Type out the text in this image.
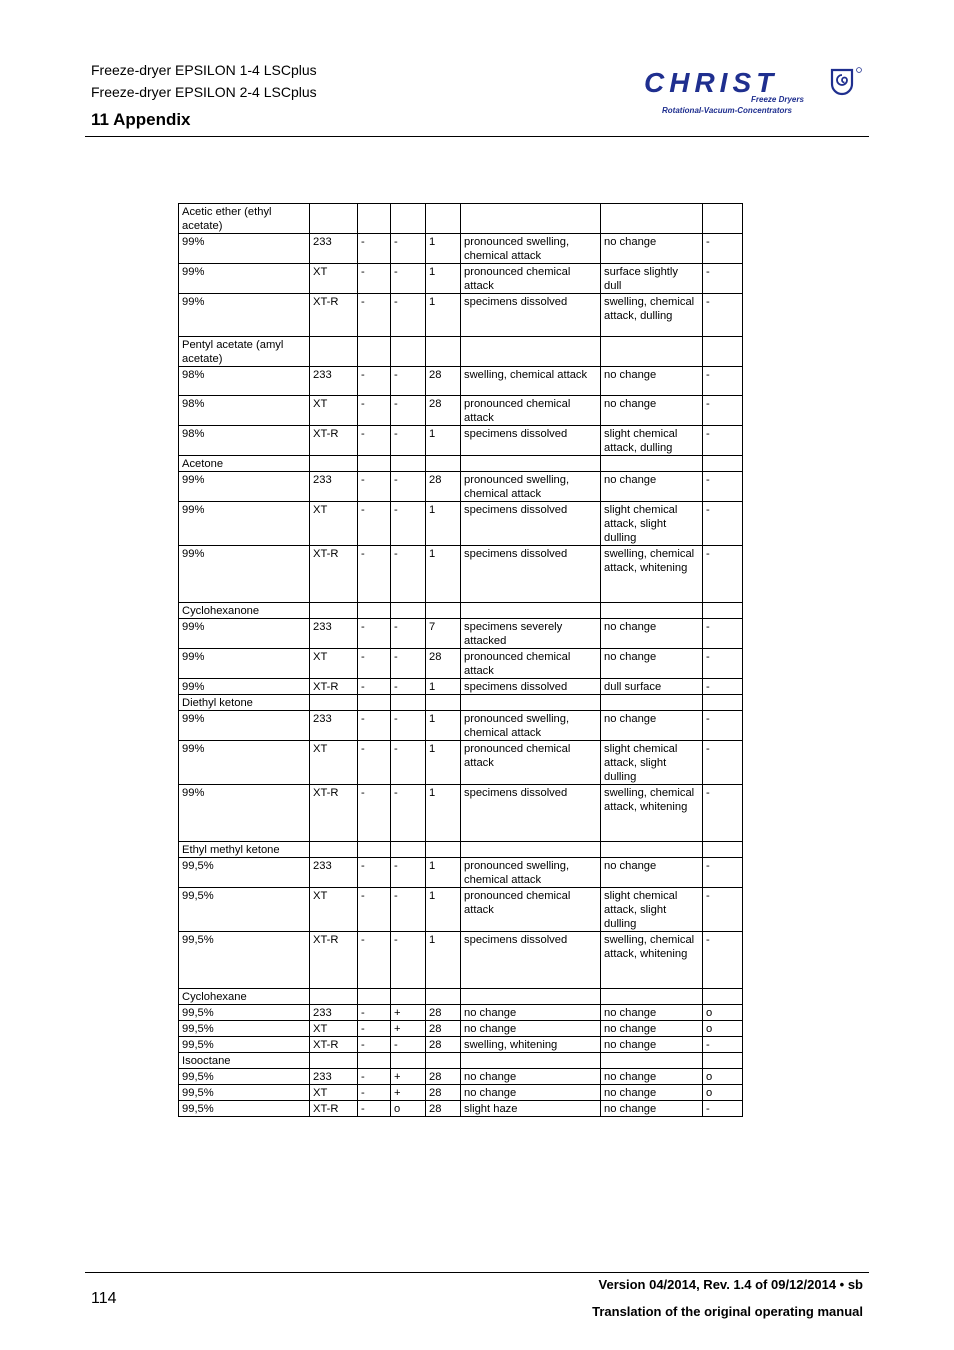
Freeze-dryer EPSILON 1-4 LSCplus
Freeze-dryer EPSILON 2-4 LSCplus
11 Appendix
CHRIST
Freeze Dryers
Rotational-Vacuum-Concentrators
Acetic ether (ethyl acetate)							
99%	233	-	-	1	pronounced swelling, chemical attack	no change	-
99%	XT	-	-	1	pronounced chemical attack	surface slightly dull	-
99%	XT-R	-	-	1	specimens dissolved	swelling, chemical attack, dulling	-
Pentyl acetate (amyl acetate)							
98%	233	-	-	28	swelling, chemical attack	no change	-
98%	XT	-	-	28	pronounced chemical attack	no change	-
98%	XT-R	-	-	1	specimens dissolved	slight chemical attack, dulling	-
Acetone							
99%	233	-	-	28	pronounced swelling, chemical attack	no change	-
99%	XT	-	-	1	specimens dissolved	slight chemical attack, slight dulling	-
99%	XT-R	-	-	1	specimens dissolved	swelling, chemical attack, whitening	-
Cyclohexanone							
99%	233	-	-	7	specimens severely attacked	no change	-
99%	XT	-	-	28	pronounced chemical attack	no change	-
99%	XT-R	-	-	1	specimens dissolved	dull surface	-
Diethyl ketone							
99%	233	-	-	1	pronounced swelling, chemical attack	no change	-
99%	XT	-	-	1	pronounced chemical attack	slight chemical attack, slight dulling	-
99%	XT-R	-	-	1	specimens dissolved	swelling, chemical attack, whitening	-
Ethyl methyl ketone							
99,5%	233	-	-	1	pronounced swelling, chemical attack	no change	-
99,5%	XT	-	-	1	pronounced chemical attack	slight chemical attack, slight dulling	-
99,5%	XT-R	-	-	1	specimens dissolved	swelling, chemical attack, whitening	-
Cyclohexane							
99,5%	233	-	+	28	no change	no change	o
99,5%	XT	-	+	28	no change	no change	o
99,5%	XT-R	-	-	28	swelling, whitening	no change	-
Isooctane							
99,5%	233	-	+	28	no change	no change	o
99,5%	XT	-	+	28	no change	no change	o
99,5%	XT-R	-	o	28	slight haze	no change	-
114
Version 04/2014, Rev. 1.4 of 09/12/2014 • sb
Translation of the original operating manual
